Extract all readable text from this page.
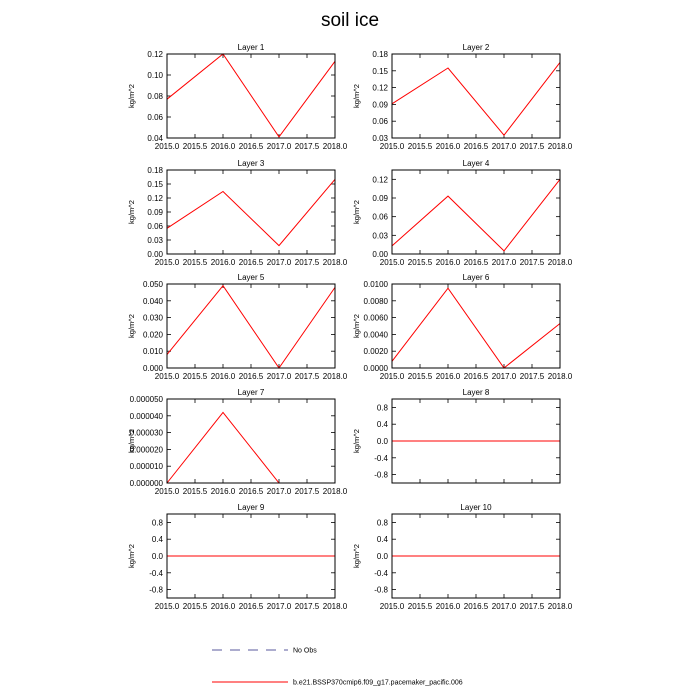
soil ice
Layer 1
0.04
0.06
0.08
0.10
0.12
2015.0 2015.5 2016.0 2016.5 2017.0 2017.5 2018.0
kg/m^2
Layer 2
0.03
0.06
0.09
0.12
0.15
0.18
2015.0 2015.5 2016.0 2016.5 2017.0 2017.5 2018.0
kg/m^2
Layer 3
0.00
0.03
0.06
0.09
0.12
0.15
0.18
2015.0 2015.5 2016.0 2016.5 2017.0 2017.5 2018.0
kg/m^2
Layer 4
0.00
0.03
0.06
0.09
0.12
2015.0 2015.5 2016.0 2016.5 2017.0 2017.5 2018.0
kg/m^2
Layer 5
0.000
0.010
0.020
0.030
0.040
0.050
2015.0 2015.5 2016.0 2016.5 2017.0 2017.5 2018.0
kg/m^2
Layer 6
0.0000
0.0020
0.0040
0.0060
0.0080
0.0100
2015.0 2015.5 2016.0 2016.5 2017.0 2017.5 2018.0
kg/m^2
Layer 7
0.000000
0.000010
0.000020
0.000030
0.000040
0.000050
2015.0 2015.5 2016.0 2016.5 2017.0 2017.5 2018.0
kg/m^2
Layer 8
-0.8
-0.4
0.0
0.4
0.8
kg/m^2
Layer 9
-0.8
-0.4
0.0
0.4
0.8
2015.0 2015.5 2016.0 2016.5 2017.0 2017.5 2018.0
kg/m^2
Layer 10
-0.8
-0.4
0.0
0.4
0.8
2015.0 2015.5 2016.0 2016.5 2017.0 2017.5 2018.0
kg/m^2
No Obs
b.e21.BSSP370cmip6.f09_g17.pacemaker_pacific.006
